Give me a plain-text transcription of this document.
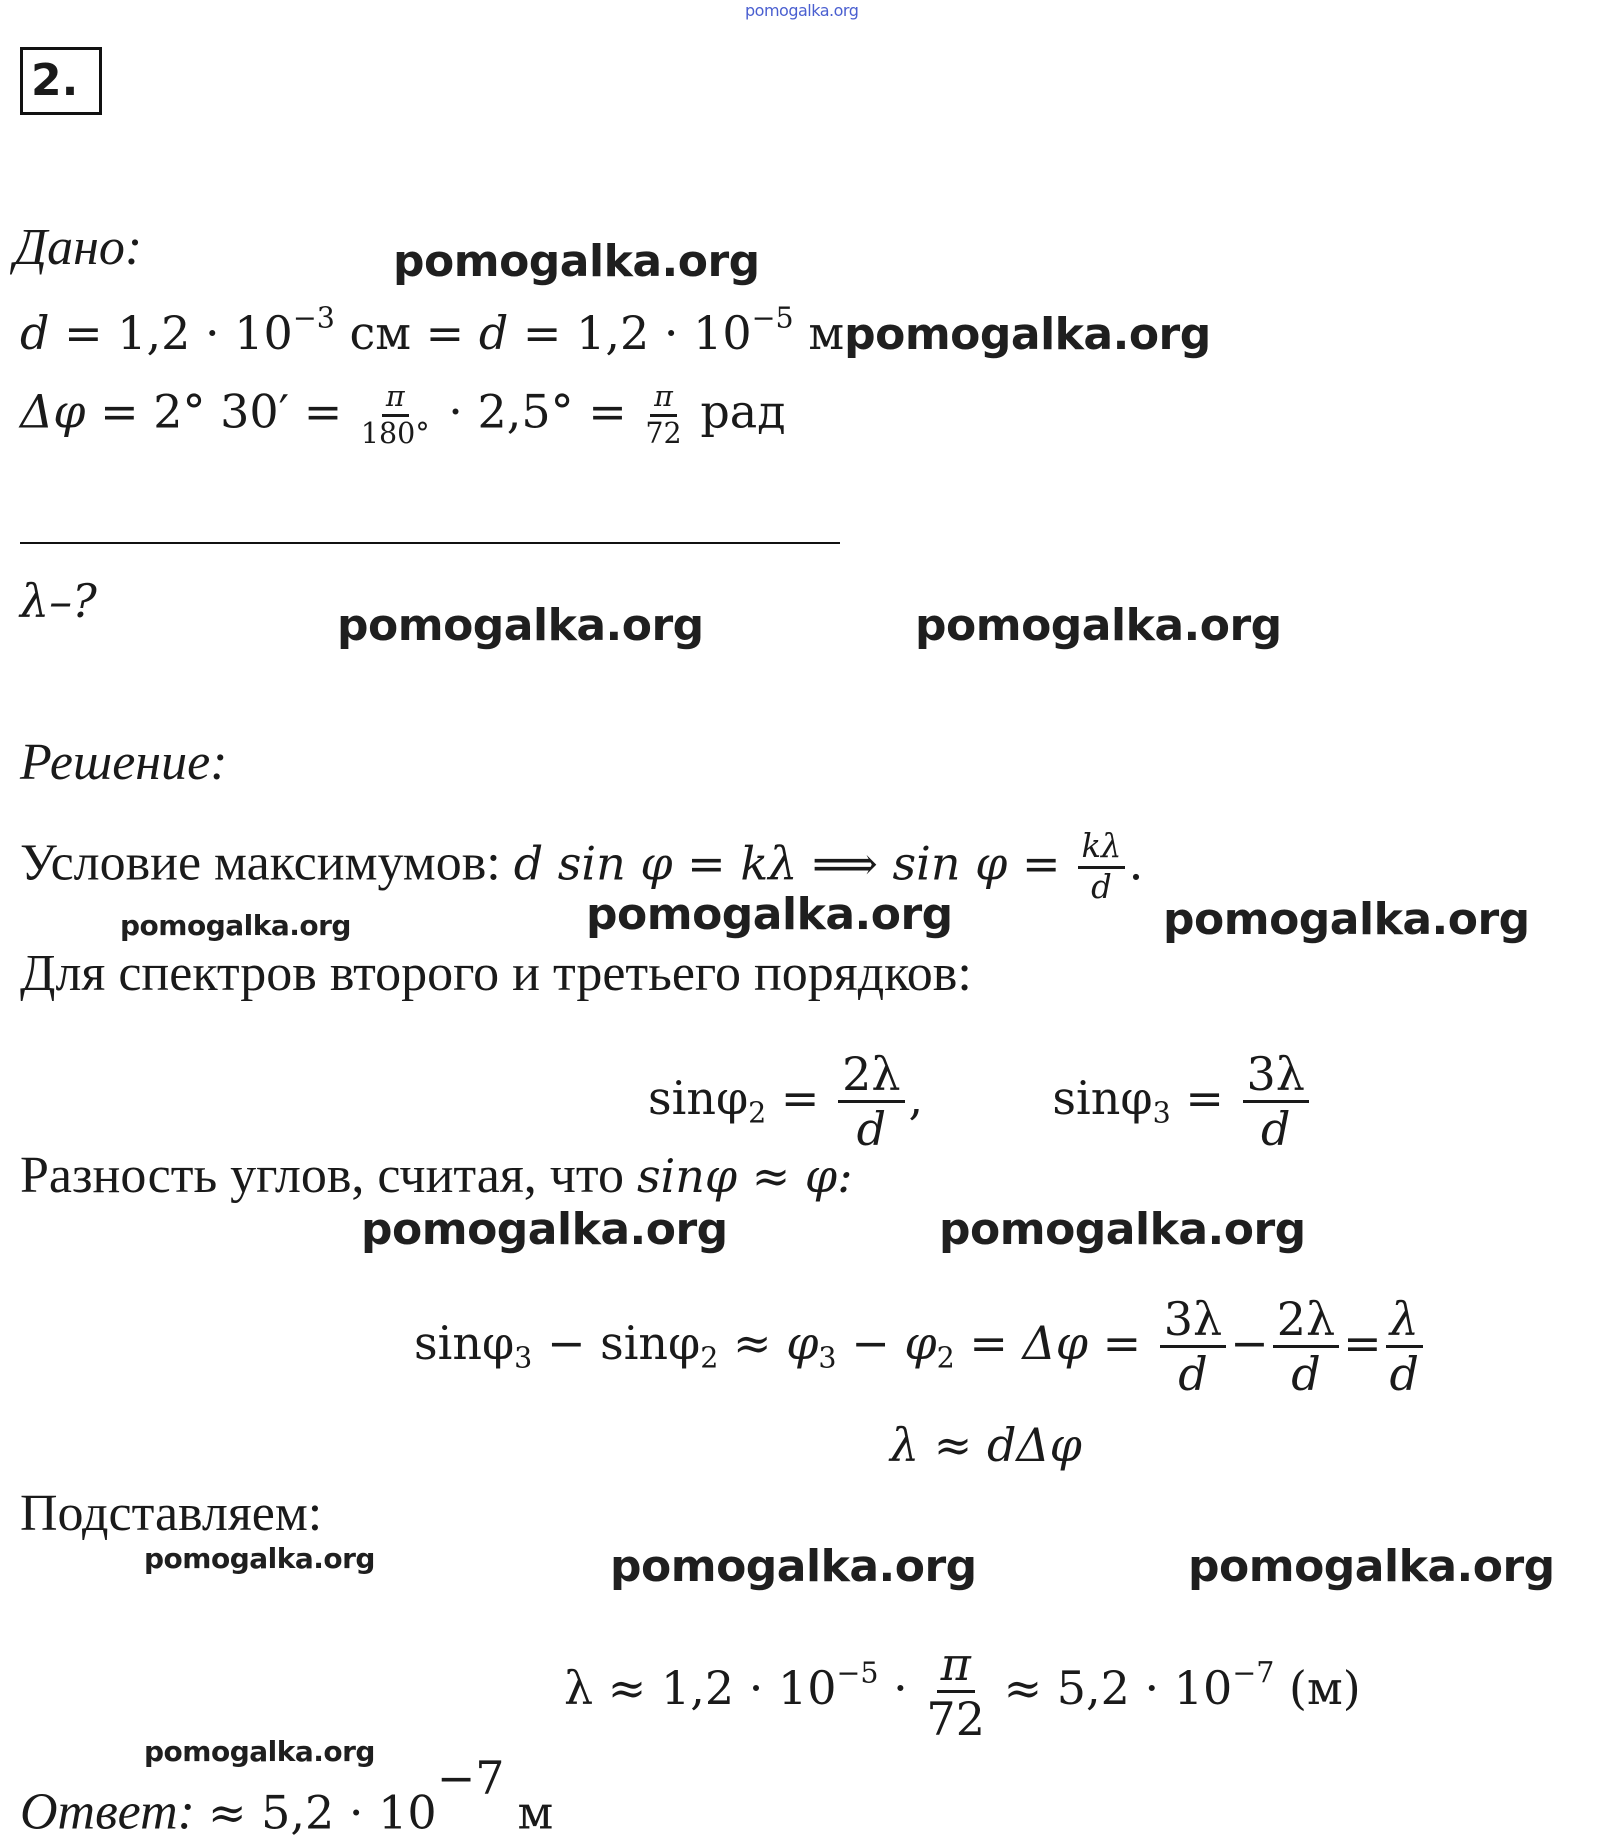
pomogalka.org
2.
Дано:
$d = 1,2 \cdot 10^{-3}$ см = $d = 1,2 \cdot 10^{-5}$ мpomogalka.org
Δφ = 2° $30' = \frac{\pi}{180^\circ} \cdot 2,5^\circ = \frac{\pi}{72}$ рад
λ–?
Решение:
Условие максимумов: d sin φ = kλ ⟹ $\sin \varphi = \frac{k\lambda}{d}$ .
Для спектров второго и третьего порядков:
$\sin\varphi_2 = \frac{2\lambda}{d}$ ,	$\sin\varphi_3 = \frac{3\lambda}{d}$
Разность углов, считая, что sinφ ≈ φ:
$\sin\varphi_3 - \sin\varphi_2 \approx \varphi_3 - \varphi_2 = \Delta\varphi = \frac{3\lambda}{d} - \frac{2\lambda}{d} = \frac{\lambda}{d}$
λ ≈ dΔφ
Подставляем:
$\lambda \approx 1,2 \cdot 10^{-5} \cdot \frac{\pi}{72} \approx 5,2 \cdot 10^{-7}$ (м)
Ответ: ≈ $5,2 \cdot 10^{-7}$ м
pomogalka.org
pomogalka.org	pomogalka.org
pomogalka.org	pomogalka.org	pomogalka.org
pomogalka.org	pomogalka.org
pomogalka.org	pomogalka.org	pomogalka.org
pomogalka.org
